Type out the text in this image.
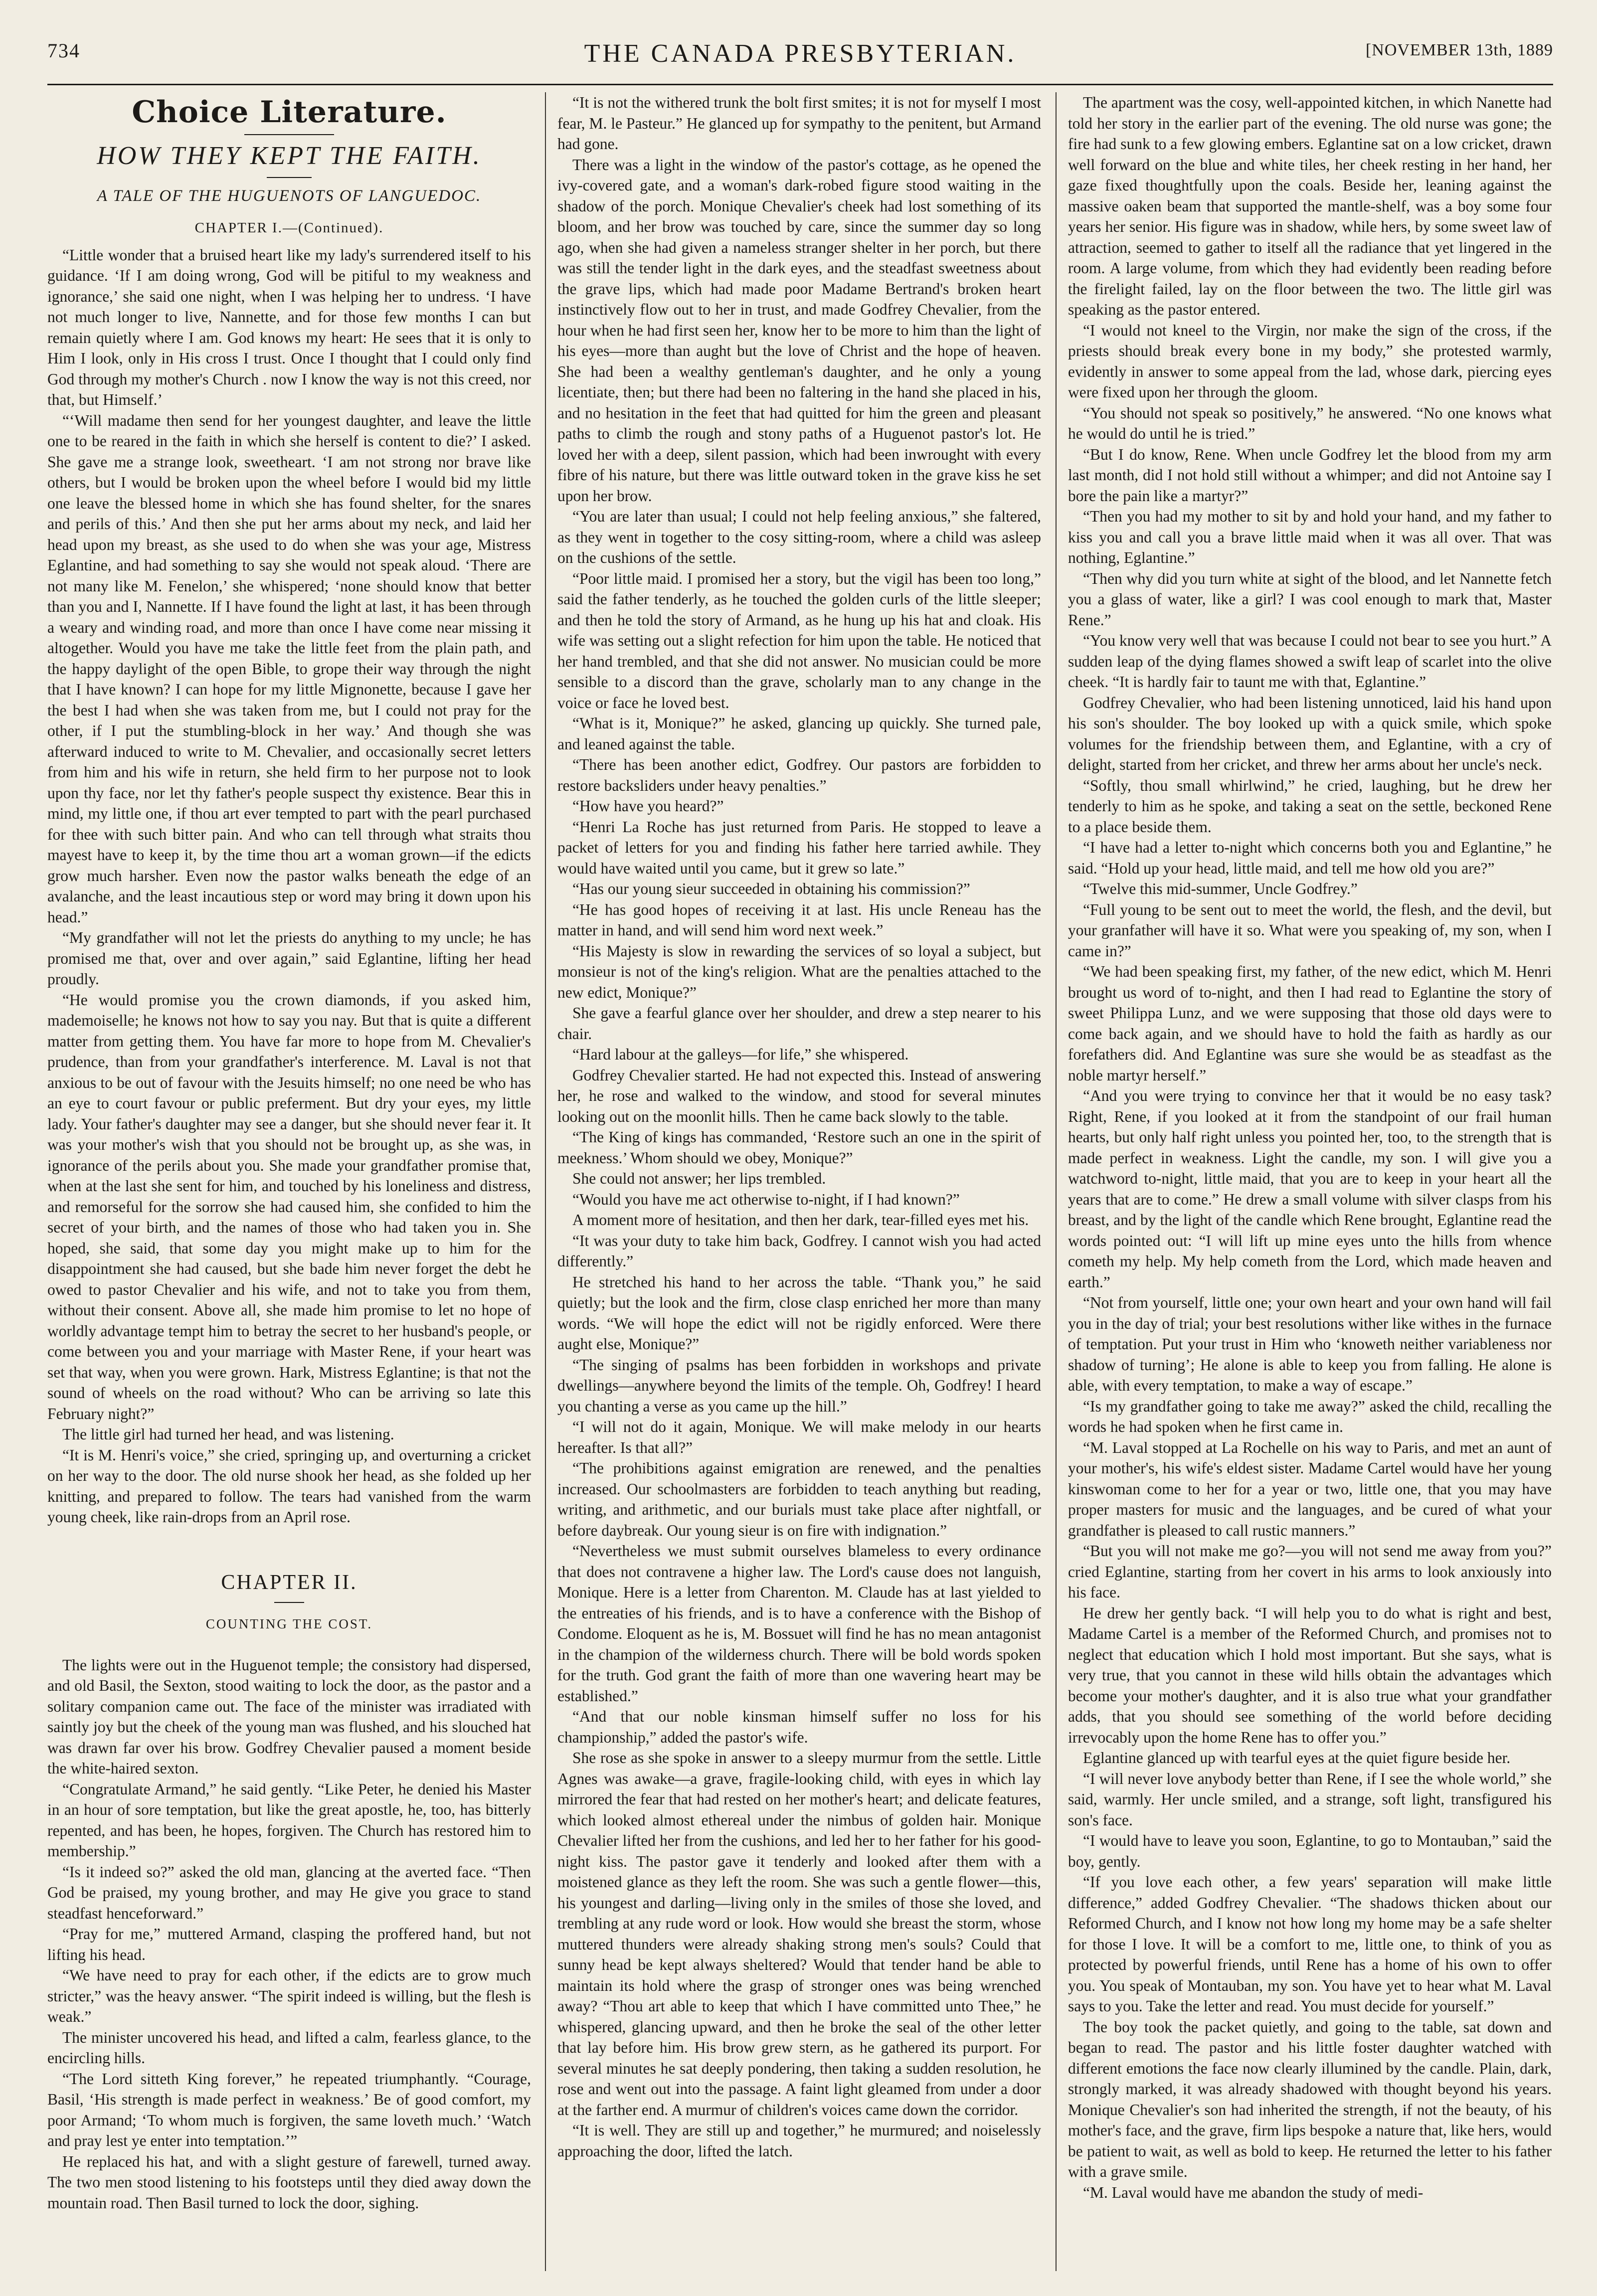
734	THE CANADA PRESBYTERIAN.	[NOVEMBER 13th, 1889
Choice Literature.
HOW THEY KEPT THE FAITH.
A TALE OF THE HUGUENOTS OF LANGUEDOC.
CHAPTER I.—(Continued).

“Little wonder that a bruised heart like my lady's surrendered itself to his guidance. ‘If I am doing wrong, God will be pitiful to my weakness and ignorance,’ she said one night, when I was helping her to undress. ‘I have not much longer to live, Nannette, and for those few months I can but remain quietly where I am. God knows my heart: He sees that it is only to Him I look, only in His cross I trust. Once I thought that I could only find God through my mother's Church . now I know the way is not this creed, nor that, but Himself.’

“‘Will madame then send for her youngest daughter, and leave the little one to be reared in the faith in which she herself is content to die?’ I asked. She gave me a strange look, sweetheart. ‘I am not strong nor brave like others, but I would be broken upon the wheel before I would bid my little one leave the blessed home in which she has found shelter, for the snares and perils of this.’ And then she put her arms about my neck, and laid her head upon my breast, as she used to do when she was your age, Mistress Eglantine, and had something to say she would not speak aloud. ‘There are not many like M. Fenelon,’ she whispered; ‘none should know that better than you and I, Nannette. If I have found the light at last, it has been through a weary and winding road, and more than once I have come near missing it altogether. Would you have me take the little feet from the plain path, and the happy daylight of the open Bible, to grope their way through the night that I have known? I can hope for my little Mignonette, because I gave her the best I had when she was taken from me, but I could not pray for the other, if I put the stumbling-block in her way.’ And though she was afterward induced to write to M. Chevalier, and occasionally secret letters from him and his wife in return, she held firm to her purpose not to look upon thy face, nor let thy father's people suspect thy existence. Bear this in mind, my little one, if thou art ever tempted to part with the pearl purchased for thee with such bitter pain. And who can tell through what straits thou mayest have to keep it, by the time thou art a woman grown—if the edicts grow much harsher. Even now the pastor walks beneath the edge of an avalanche, and the least incautious step or word may bring it down upon his head.”

“My grandfather will not let the priests do anything to my uncle; he has promised me that, over and over again,” said Eglantine, lifting her head proudly.

“He would promise you the crown diamonds, if you asked him, mademoiselle; he knows not how to say you nay. But that is quite a different matter from getting them. You have far more to hope from M. Chevalier's prudence, than from your grandfather's interference. M. Laval is not that anxious to be out of favour with the Jesuits himself; no one need be who has an eye to court favour or public preferment. But dry your eyes, my little lady. Your father's daughter may see a danger, but she should never fear it. It was your mother's wish that you should not be brought up, as she was, in ignorance of the perils about you. She made your grandfather promise that, when at the last she sent for him, and touched by his loneliness and distress, and remorseful for the sorrow she had caused him, she confided to him the secret of your birth, and the names of those who had taken you in. She hoped, she said, that some day you might make up to him for the disappointment she had caused, but she bade him never forget the debt he owed to pastor Chevalier and his wife, and not to take you from them, without their consent. Above all, she made him promise to let no hope of worldly advantage tempt him to betray the secret to her husband's people, or come between you and your marriage with Master Rene, if your heart was set that way, when you were grown. Hark, Mistress Eglantine; is that not the sound of wheels on the road without? Who can be arriving so late this February night?”

The little girl had turned her head, and was listening.

“It is M. Henri's voice,” she cried, springing up, and overturning a cricket on her way to the door. The old nurse shook her head, as she folded up her knitting, and prepared to follow. The tears had vanished from the warm young cheek, like rain-drops from an April rose.

CHAPTER II.
COUNTING THE COST.

The lights were out in the Huguenot temple; the consistory had dispersed, and old Basil, the Sexton, stood waiting to lock the door, as the pastor and a solitary companion came out. The face of the minister was irradiated with saintly joy but the cheek of the young man was flushed, and his slouched hat was drawn far over his brow. Godfrey Chevalier paused a moment beside the white-haired sexton.

“Congratulate Armand,” he said gently. “Like Peter, he denied his Master in an hour of sore temptation, but like the great apostle, he, too, has bitterly repented, and has been, he hopes, forgiven. The Church has restored him to membership.”

“Is it indeed so?” asked the old man, glancing at the averted face. “Then God be praised, my young brother, and may He give you grace to stand steadfast henceforward.”

“Pray for me,” muttered Armand, clasping the proffered hand, but not lifting his head.

“We have need to pray for each other, if the edicts are to grow much stricter,” was the heavy answer. “The spirit indeed is willing, but the flesh is weak.”

The minister uncovered his head, and lifted a calm, fearless glance, to the encircling hills.

“The Lord sitteth King forever,” he repeated triumphantly. “Courage, Basil, ‘His strength is made perfect in weakness.’ Be of good comfort, my poor Armand; ‘To whom much is forgiven, the same loveth much.’ ‘Watch and pray lest ye enter into temptation.’”

He replaced his hat, and with a slight gesture of farewell, turned away. The two men stood listening to his footsteps until they died away down the mountain road. Then Basil turned to lock the door, sighing.

“It is not the withered trunk the bolt first smites; it is not for myself I most fear, M. le Pasteur.” He glanced up for sympathy to the penitent, but Armand had gone.

There was a light in the window of the pastor's cottage, as he opened the ivy-covered gate, and a woman's dark-robed figure stood waiting in the shadow of the porch. Monique Chevalier's cheek had lost something of its bloom, and her brow was touched by care, since the summer day so long ago, when she had given a nameless stranger shelter in her porch, but there was still the tender light in the dark eyes, and the steadfast sweetness about the grave lips, which had made poor Madame Bertrand's broken heart instinctively flow out to her in trust, and made Godfrey Chevalier, from the hour when he had first seen her, know her to be more to him than the light of his eyes—more than aught but the love of Christ and the hope of heaven. She had been a wealthy gentleman's daughter, and he only a young licentiate, then; but there had been no faltering in the hand she placed in his, and no hesitation in the feet that had quitted for him the green and pleasant paths to climb the rough and stony paths of a Huguenot pastor's lot. He loved her with a deep, silent passion, which had been inwrought with every fibre of his nature, but there was little outward token in the grave kiss he set upon her brow.

“You are later than usual; I could not help feeling anxious,” she faltered, as they went in together to the cosy sitting-room, where a child was asleep on the cushions of the settle.

“Poor little maid. I promised her a story, but the vigil has been too long,” said the father tenderly, as he touched the golden curls of the little sleeper; and then he told the story of Armand, as he hung up his hat and cloak. His wife was setting out a slight refection for him upon the table. He noticed that her hand trembled, and that she did not answer. No musician could be more sensible to a discord than the grave, scholarly man to any change in the voice or face he loved best.

“What is it, Monique?” he asked, glancing up quickly. She turned pale, and leaned against the table.

“There has been another edict, Godfrey. Our pastors are forbidden to restore backsliders under heavy penalties.”

“How have you heard?”

“Henri La Roche has just returned from Paris. He stopped to leave a packet of letters for you and finding his father here tarried awhile. They would have waited until you came, but it grew so late.”

“Has our young sieur succeeded in obtaining his commission?”

“He has good hopes of receiving it at last. His uncle Reneau has the matter in hand, and will send him word next week.”

“His Majesty is slow in rewarding the services of so loyal a subject, but monsieur is not of the king's religion. What are the penalties attached to the new edict, Monique?”

She gave a fearful glance over her shoulder, and drew a step nearer to his chair.

“Hard labour at the galleys—for life,” she whispered.

Godfrey Chevalier started. He had not expected this. Instead of answering her, he rose and walked to the window, and stood for several minutes looking out on the moonlit hills. Then he came back slowly to the table.

“The King of kings has commanded, ‘Restore such an one in the spirit of meekness.’ Whom should we obey, Monique?”

She could not answer; her lips trembled.

“Would you have me act otherwise to-night, if I had known?”

A moment more of hesitation, and then her dark, tear-filled eyes met his.

“It was your duty to take him back, Godfrey. I cannot wish you had acted differently.”

He stretched his hand to her across the table. “Thank you,” he said quietly; but the look and the firm, close clasp enriched her more than many words. “We will hope the edict will not be rigidly enforced. Were there aught else, Monique?”

“The singing of psalms has been forbidden in workshops and private dwellings—anywhere beyond the limits of the temple. Oh, Godfrey! I heard you chanting a verse as you came up the hill.”

“I will not do it again, Monique. We will make melody in our hearts hereafter. Is that all?”

“The prohibitions against emigration are renewed, and the penalties increased. Our schoolmasters are forbidden to teach anything but reading, writing, and arithmetic, and our burials must take place after nightfall, or before daybreak. Our young sieur is on fire with indignation.”

“Nevertheless we must submit ourselves blameless to every ordinance that does not contravene a higher law. The Lord's cause does not languish, Monique. Here is a letter from Charenton. M. Claude has at last yielded to the entreaties of his friends, and is to have a conference with the Bishop of Condome. Eloquent as he is, M. Bossuet will find he has no mean antagonist in the champion of the wilderness church. There will be bold words spoken for the truth. God grant the faith of more than one wavering heart may be established.”

“And that our noble kinsman himself suffer no loss for his championship,” added the pastor's wife.

She rose as she spoke in answer to a sleepy murmur from the settle. Little Agnes was awake—a grave, fragile-looking child, with eyes in which lay mirrored the fear that had rested on her mother's heart; and delicate features, which looked almost ethereal under the nimbus of golden hair. Monique Chevalier lifted her from the cushions, and led her to her father for his good-night kiss. The pastor gave it tenderly and looked after them with a moistened glance as they left the room. She was such a gentle flower—this, his youngest and darling—living only in the smiles of those she loved, and trembling at any rude word or look. How would she breast the storm, whose muttered thunders were already shaking strong men's souls? Could that sunny head be kept always sheltered? Would that tender hand be able to maintain its hold where the grasp of stronger ones was being wrenched away? “Thou art able to keep that which I have committed unto Thee,” he whispered, glancing upward, and then he broke the seal of the other letter that lay before him. His brow grew stern, as he gathered its purport. For several minutes he sat deeply pondering, then taking a sudden resolution, he rose and went out into the passage. A faint light gleamed from under a door at the farther end. A murmur of children's voices came down the corridor.

“It is well. They are still up and together,” he murmured; and noiselessly approaching the door, lifted the latch.

The apartment was the cosy, well-appointed kitchen, in which Nanette had told her story in the earlier part of the evening. The old nurse was gone; the fire had sunk to a few glowing embers. Eglantine sat on a low cricket, drawn well forward on the blue and white tiles, her cheek resting in her hand, her gaze fixed thoughtfully upon the coals. Beside her, leaning against the massive oaken beam that supported the mantle-shelf, was a boy some four years her senior. His figure was in shadow, while hers, by some sweet law of attraction, seemed to gather to itself all the radiance that yet lingered in the room. A large volume, from which they had evidently been reading before the firelight failed, lay on the floor between the two. The little girl was speaking as the pastor entered.

“I would not kneel to the Virgin, nor make the sign of the cross, if the priests should break every bone in my body,” she protested warmly, evidently in answer to some appeal from the lad, whose dark, piercing eyes were fixed upon her through the gloom.

“You should not speak so positively,” he answered. “No one knows what he would do until he is tried.”

“But I do know, Rene. When uncle Godfrey let the blood from my arm last month, did I not hold still without a whimper; and did not Antoine say I bore the pain like a martyr?”

“Then you had my mother to sit by and hold your hand, and my father to kiss you and call you a brave little maid when it was all over. That was nothing, Eglantine.”

“Then why did you turn white at sight of the blood, and let Nannette fetch you a glass of water, like a girl? I was cool enough to mark that, Master Rene.”

“You know very well that was because I could not bear to see you hurt.” A sudden leap of the dying flames showed a swift leap of scarlet into the olive cheek. “It is hardly fair to taunt me with that, Eglantine.”

Godfrey Chevalier, who had been listening unnoticed, laid his hand upon his son's shoulder. The boy looked up with a quick smile, which spoke volumes for the friendship between them, and Eglantine, with a cry of delight, started from her cricket, and threw her arms about her uncle's neck.

“Softly, thou small whirlwind,” he cried, laughing, but he drew her tenderly to him as he spoke, and taking a seat on the settle, beckoned Rene to a place beside them.

“I have had a letter to-night which concerns both you and Eglantine,” he said. “Hold up your head, little maid, and tell me how old you are?”

“Twelve this mid-summer, Uncle Godfrey.”

“Full young to be sent out to meet the world, the flesh, and the devil, but your granfather will have it so. What were you speaking of, my son, when I came in?”

“We had been speaking first, my father, of the new edict, which M. Henri brought us word of to-night, and then I had read to Eglantine the story of sweet Philippa Lunz, and we were supposing that those old days were to come back again, and we should have to hold the faith as hardly as our forefathers did. And Eglantine was sure she would be as steadfast as the noble martyr herself.”

“And you were trying to convince her that it would be no easy task? Right, Rene, if you looked at it from the standpoint of our frail human hearts, but only half right unless you pointed her, too, to the strength that is made perfect in weakness. Light the candle, my son. I will give you a watchword to-night, little maid, that you are to keep in your heart all the years that are to come.” He drew a small volume with silver clasps from his breast, and by the light of the candle which Rene brought, Eglantine read the words pointed out: “I will lift up mine eyes unto the hills from whence cometh my help. My help cometh from the Lord, which made heaven and earth.”

“Not from yourself, little one; your own heart and your own hand will fail you in the day of trial; your best resolutions wither like withes in the furnace of temptation. Put your trust in Him who ‘knoweth neither variableness nor shadow of turning’; He alone is able to keep you from falling. He alone is able, with every temptation, to make a way of escape.”

“Is my grandfather going to take me away?” asked the child, recalling the words he had spoken when he first came in.

“M. Laval stopped at La Rochelle on his way to Paris, and met an aunt of your mother's, his wife's eldest sister. Madame Cartel would have her young kinswoman come to her for a year or two, little one, that you may have proper masters for music and the languages, and be cured of what your grandfather is pleased to call rustic manners.”

“But you will not make me go?—you will not send me away from you?” cried Eglantine, starting from her covert in his arms to look anxiously into his face.

He drew her gently back. “I will help you to do what is right and best, Madame Cartel is a member of the Reformed Church, and promises not to neglect that education which I hold most important. But she says, what is very true, that you cannot in these wild hills obtain the advantages which become your mother's daughter, and it is also true what your grandfather adds, that you should see something of the world before deciding irrevocably upon the home Rene has to offer you.”

Eglantine glanced up with tearful eyes at the quiet figure beside her.

“I will never love anybody better than Rene, if I see the whole world,” she said, warmly. Her uncle smiled, and a strange, soft light, transfigured his son's face.

“I would have to leave you soon, Eglantine, to go to Montauban,” said the boy, gently.

“If you love each other, a few years' separation will make little difference,” added Godfrey Chevalier. “The shadows thicken about our Reformed Church, and I know not how long my home may be a safe shelter for those I love. It will be a comfort to me, little one, to think of you as protected by powerful friends, until Rene has a home of his own to offer you. You speak of Montauban, my son. You have yet to hear what M. Laval says to you. Take the letter and read. You must decide for yourself.”

The boy took the packet quietly, and going to the table, sat down and began to read. The pastor and his little foster daughter watched with different emotions the face now clearly illumined by the candle. Plain, dark, strongly marked, it was already shadowed with thought beyond his years. Monique Chevalier's son had inherited the strength, if not the beauty, of his mother's face, and the grave, firm lips bespoke a nature that, like hers, would be patient to wait, as well as bold to keep. He returned the letter to his father with a grave smile.

“M. Laval would have me abandon the study of medi-
